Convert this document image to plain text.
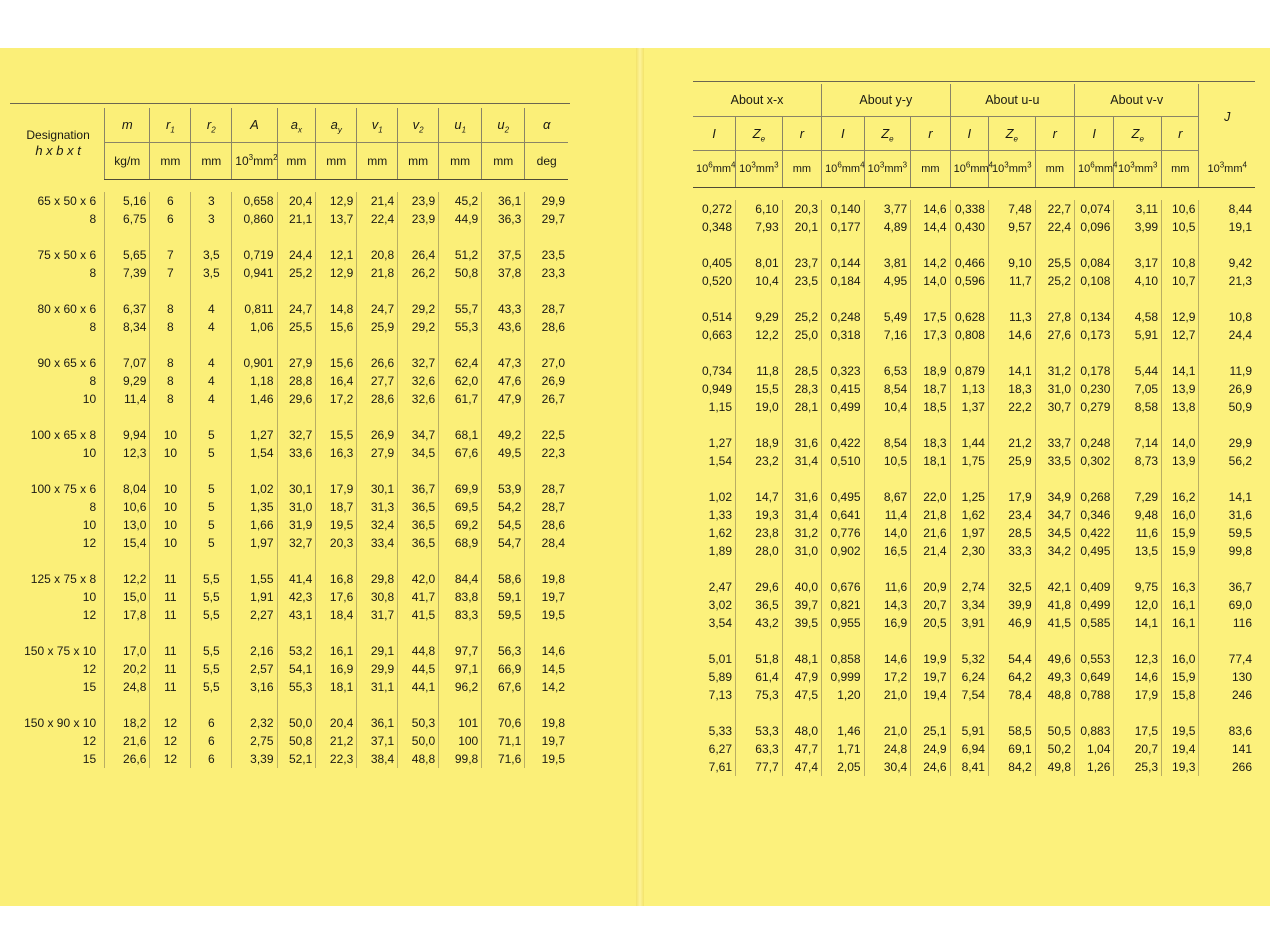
Designation
h x b x t	m	$r_1$	$r_2$	A	$a_x$	$a_y$	$v_1$	$v_2$	$u_1$	$u_2$	α
	kg/m	mm	mm	$10^3mm^2$	mm	mm	mm	mm	mm	mm	deg

65 x 50 x 6	5,16	6	3	0,658	20,4	12,9	21,4	23,9	45,2	36,1	29,9
8	6,75	6	3	0,860	21,1	13,7	22,4	23,9	44,9	36,3	29,7

75 x 50 x 6	5,65	7	3,5	0,719	24,4	12,1	20,8	26,4	51,2	37,5	23,5
8	7,39	7	3,5	0,941	25,2	12,9	21,8	26,2	50,8	37,8	23,3

80 x 60 x 6	6,37	8	4	0,811	24,7	14,8	24,7	29,2	55,7	43,3	28,7
8	8,34	8	4	1,06	25,5	15,6	25,9	29,2	55,3	43,6	28,6

90 x 65 x 6	7,07	8	4	0,901	27,9	15,6	26,6	32,7	62,4	47,3	27,0
8	9,29	8	4	1,18	28,8	16,4	27,7	32,6	62,0	47,6	26,9
10	11,4	8	4	1,46	29,6	17,2	28,6	32,6	61,7	47,9	26,7

100 x 65 x 8	9,94	10	5	1,27	32,7	15,5	26,9	34,7	68,1	49,2	22,5
10	12,3	10	5	1,54	33,6	16,3	27,9	34,5	67,6	49,5	22,3

100 x 75 x 6	8,04	10	5	1,02	30,1	17,9	30,1	36,7	69,9	53,9	28,7
8	10,6	10	5	1,35	31,0	18,7	31,3	36,5	69,5	54,2	28,7
10	13,0	10	5	1,66	31,9	19,5	32,4	36,5	69,2	54,5	28,6
12	15,4	10	5	1,97	32,7	20,3	33,4	36,5	68,9	54,7	28,4

125 x 75 x 8	12,2	11	5,5	1,55	41,4	16,8	29,8	42,0	84,4	58,6	19,8
10	15,0	11	5,5	1,91	42,3	17,6	30,8	41,7	83,8	59,1	19,7
12	17,8	11	5,5	2,27	43,1	18,4	31,7	41,5	83,3	59,5	19,5

150 x 75 x 10	17,0	11	5,5	2,16	53,2	16,1	29,1	44,8	97,7	56,3	14,6
12	20,2	11	5,5	2,57	54,1	16,9	29,9	44,5	97,1	66,9	14,5
15	24,8	11	5,5	3,16	55,3	18,1	31,1	44,1	96,2	67,6	14,2

150 x 90 x 10	18,2	12	6	2,32	50,0	20,4	36,1	50,3	101	70,6	19,8
12	21,6	12	6	2,75	50,8	21,2	37,1	50,0	100	71,1	19,7
15	26,6	12	6	3,39	52,1	22,3	38,4	48,8	99,8	71,6	19,5
About x-x			About y-y			About u-u			About v-v			J
I	$Z_e$	r	I	$Z_e$	r	I	$Z_e$	r	I	$Z_e$	r	
$10^6mm^4$	$10^3mm^3$	mm	$10^6mm^4$	$10^3mm^3$	mm	$10^6mm^4$	$10^3mm^3$	mm	$10^6mm^4$	$10^3mm^3$	mm	$10^3mm^4$

0,272	6,10	20,3	0,140	3,77	14,6	0,338	7,48	22,7	0,074	3,11	10,6	8,44
0,348	7,93	20,1	0,177	4,89	14,4	0,430	9,57	22,4	0,096	3,99	10,5	19,1

0,405	8,01	23,7	0,144	3,81	14,2	0,466	9,10	25,5	0,084	3,17	10,8	9,42
0,520	10,4	23,5	0,184	4,95	14,0	0,596	11,7	25,2	0,108	4,10	10,7	21,3

0,514	9,29	25,2	0,248	5,49	17,5	0,628	11,3	27,8	0,134	4,58	12,9	10,8
0,663	12,2	25,0	0,318	7,16	17,3	0,808	14,6	27,6	0,173	5,91	12,7	24,4

0,734	11,8	28,5	0,323	6,53	18,9	0,879	14,1	31,2	0,178	5,44	14,1	11,9
0,949	15,5	28,3	0,415	8,54	18,7	1,13	18,3	31,0	0,230	7,05	13,9	26,9
1,15	19,0	28,1	0,499	10,4	18,5	1,37	22,2	30,7	0,279	8,58	13,8	50,9

1,27	18,9	31,6	0,422	8,54	18,3	1,44	21,2	33,7	0,248	7,14	14,0	29,9
1,54	23,2	31,4	0,510	10,5	18,1	1,75	25,9	33,5	0,302	8,73	13,9	56,2

1,02	14,7	31,6	0,495	8,67	22,0	1,25	17,9	34,9	0,268	7,29	16,2	14,1
1,33	19,3	31,4	0,641	11,4	21,8	1,62	23,4	34,7	0,346	9,48	16,0	31,6
1,62	23,8	31,2	0,776	14,0	21,6	1,97	28,5	34,5	0,422	11,6	15,9	59,5
1,89	28,0	31,0	0,902	16,5	21,4	2,30	33,3	34,2	0,495	13,5	15,9	99,8

2,47	29,6	40,0	0,676	11,6	20,9	2,74	32,5	42,1	0,409	9,75	16,3	36,7
3,02	36,5	39,7	0,821	14,3	20,7	3,34	39,9	41,8	0,499	12,0	16,1	69,0
3,54	43,2	39,5	0,955	16,9	20,5	3,91	46,9	41,5	0,585	14,1	16,1	116

5,01	51,8	48,1	0,858	14,6	19,9	5,32	54,4	49,6	0,553	12,3	16,0	77,4
5,89	61,4	47,9	0,999	17,2	19,7	6,24	64,2	49,3	0,649	14,6	15,9	130
7,13	75,3	47,5	1,20	21,0	19,4	7,54	78,4	48,8	0,788	17,9	15,8	246

5,33	53,3	48,0	1,46	21,0	25,1	5,91	58,5	50,5	0,883	17,5	19,5	83,6
6,27	63,3	47,7	1,71	24,8	24,9	6,94	69,1	50,2	1,04	20,7	19,4	141
7,61	77,7	47,4	2,05	30,4	24,6	8,41	84,2	49,8	1,26	25,3	19,3	266
